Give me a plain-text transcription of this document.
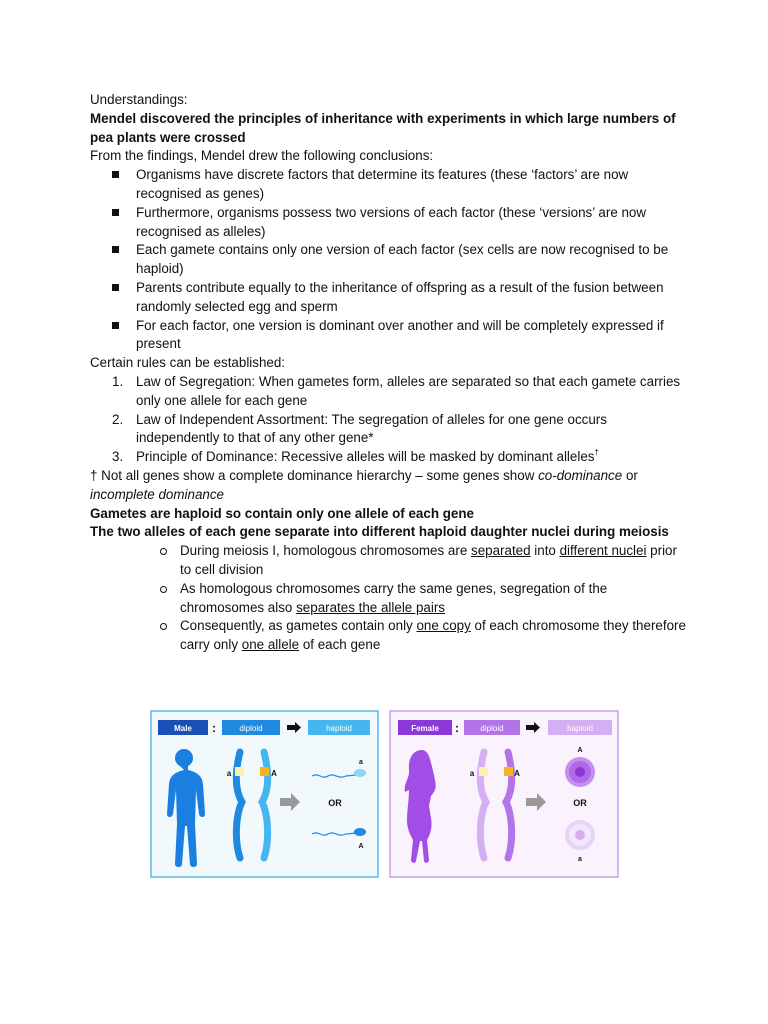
Understandings:

Mendel discovered the principles of inheritance with experiments in which large numbers of pea plants were crossed

From the findings, Mendel drew the following conclusions:

Organisms have discrete factors that determine its features (these ‘factors’ are now recognised as genes)
Furthermore, organisms possess two versions of each factor (these ‘versions’ are now recognised as alleles)
Each gamete contains only one version of each factor (sex cells are now recognised to be haploid)
Parents contribute equally to the inheritance of offspring as a result of the fusion between randomly selected egg and sperm
For each factor, one version is dominant over another and will be completely expressed if present

Certain rules can be established:

1. Law of Segregation: When gametes form, alleles are separated so that each gamete carries only one allele for each gene
2. Law of Independent Assortment: The segregation of alleles for one gene occurs independently to that of any other gene*
3. Principle of Dominance: Recessive alleles will be masked by dominant alleles†

† Not all genes show a complete dominance hierarchy – some genes show co-dominance or incomplete dominance

Gametes are haploid so contain only one allele of each gene

The two alleles of each gene separate into different haploid daughter nuclei during meiosis

During meiosis I, homologous chromosomes are separated into different nuclei prior to cell division
As homologous chromosomes carry the same genes, segregation of the chromosomes also separates the allele pairs
Consequently, as gametes contain only one copy of each chromosome they therefore carry only one allele of each gene
Male :	diploid	haploid
a	A
a
OR
A
Female :	diploid	haploid
a	A
A
OR
a
